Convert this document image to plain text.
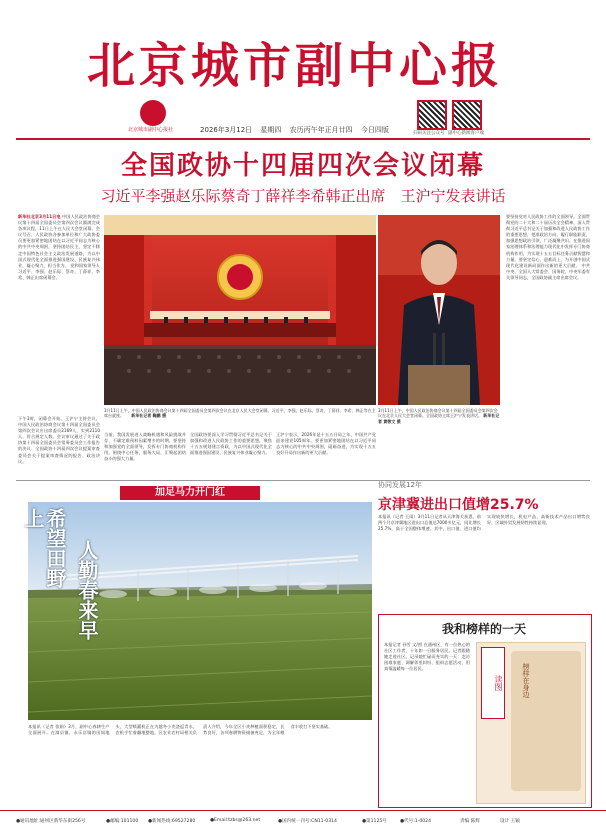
北京城市副中心报
北京城市副中心报社	2026年3月12日 星期四 农历丙午年正月廿四 今日四版	扫码关注公众号 副中心新闻客户端
全国政协十四届四次会议闭幕
习近平李强赵乐际蔡奇丁薛祥李希韩正出席　王沪宁发表讲话
新华社北京3月11日电 中国人民政治协商会议第十四届全国委员会第四次会议圆满完成各项议程，11日上午在人民大会堂闭幕。会议号召，人民政协各参加单位和广大政协委员要更加紧密地团结在以习近平同志为核心的中共中央周围，坚持团结民主，坚定不移走中国特色社会主义政治发展道路，为以中国式现代化全面推进强国建设、民族复兴伟业，凝心聚力、担当作为。 党和国家领导人习近平、李强、赵乐际、蔡奇、丁薛祥、李希、韩正出席闭幕会。
下午3时，闭幕会开始。王沪宁主持会议。中国人民政治协商会议第十四届全国委员会第四次会议应出席委员2169人，实到2110人，符合规定人数。会议审议通过了关于政协第十四届全国委员会常务委员会工作报告的决议、全国政协十四届四次会议提案审查委员会关于提案审查情况的报告、政治决议。
3月11日上午，中国人民政治协商会议第十四届全国委员会第四次会议在北京人民大会堂闭幕。习近平、李强、赵乐际、蔡奇、丁薛祥、李希、韩正等在主席台就座。 新华社记者 鞠鹏 摄
3月11日上午，中国人民政治协商会议第十四届全国委员会第四次会议在北京人民大会堂闭幕。全国政协主席王沪宁发表讲话。 新华社记者 黄敬文 摄
当前，我国发展进入战略机遇和风险挑战并存、不确定难预料因素增多的时期。要坚持和加强党的全面领导，发挥专门协商机构作用，围绕中心任务，服务大局，汇聚起团结奋斗的强大力量。
全国政协要深入学习贯彻习近平总书记关于加强和改进人民政协工作的重要思想，聚焦十五五规划建言资政，为以中国式现代化全面推进强国建设、民族复兴伟业凝心聚力。
王沪宁表示，2026年是十五五开局之年，中国共产党迎来建党105周年。要更加紧密地团结在以习近平同志为核心的中共中央周围，砥砺奋进，为实现十五五良好开局作出新的更大贡献。
要坚持党对人民政协工作的全面领导，全面贯彻党的二十大和二十届历次全会精神，深入贯彻习近平总书记关于加强和改进人民政协工作的重要思想，把准政治方向，履行职能职责，加强思想政治引领，广泛凝聚共识。在推进国家治理体系和治理能力现代化中发挥专门协商机构作用，为实现十五五目标任务贡献智慧和力量。要坚定信心、迎难而上，为开创中国式现代化建设新局面作出新的更大贡献。 中共中央、全国人大常委会、国务院、中央军委有关领导同志，全国政协副主席出席会议。
加足马力开门红
希望田野上
人勤春来早
本报讯（记者 张娟）3月，副中心春耕生产全面展开。在漷县镇、永乐店镇的田间地头，大型喷灌机正在为越冬小麦浇返青水，农机手忙着翻地整地。区农业农村局相关负责人介绍，今年全区小麦种植面积稳定，长势良好，各项春耕物资储备充足，为全年粮食丰收打下坚实基础。
协同发展12年
京津冀进出口值增25.7%
本报讯（记者 王雨）3月11日记者从天津海关获悉，前两个月京津冀地区进出口总值达7000多亿元，同比增长25.7%，高于全国整体增速。其中，出口值、进口值均实现较快增长，机电产品、高新技术产品出口增势良好，区域外贸发展韧性持续显现。
我和榜样的一天
本报记者 孙雪 文/图 在通州区，有一位热心的社区工作者，十年如一日服务居民。记者跟随她走进社区，记录她忙碌而充实的一天：走访困难家庭、调解邻里纠纷、组织志愿活动，用真情温暖每一位居民。
读图	榜样在身边
●通讯地址:通州区新华东街256号	●邮编:101100 ●新闻热线:69527280	●Email:tzbs@263.net	●国内统一刊号:CN11-0314	●第1125号	●代号:1-0024	责编 陈辉	设计 王颖
